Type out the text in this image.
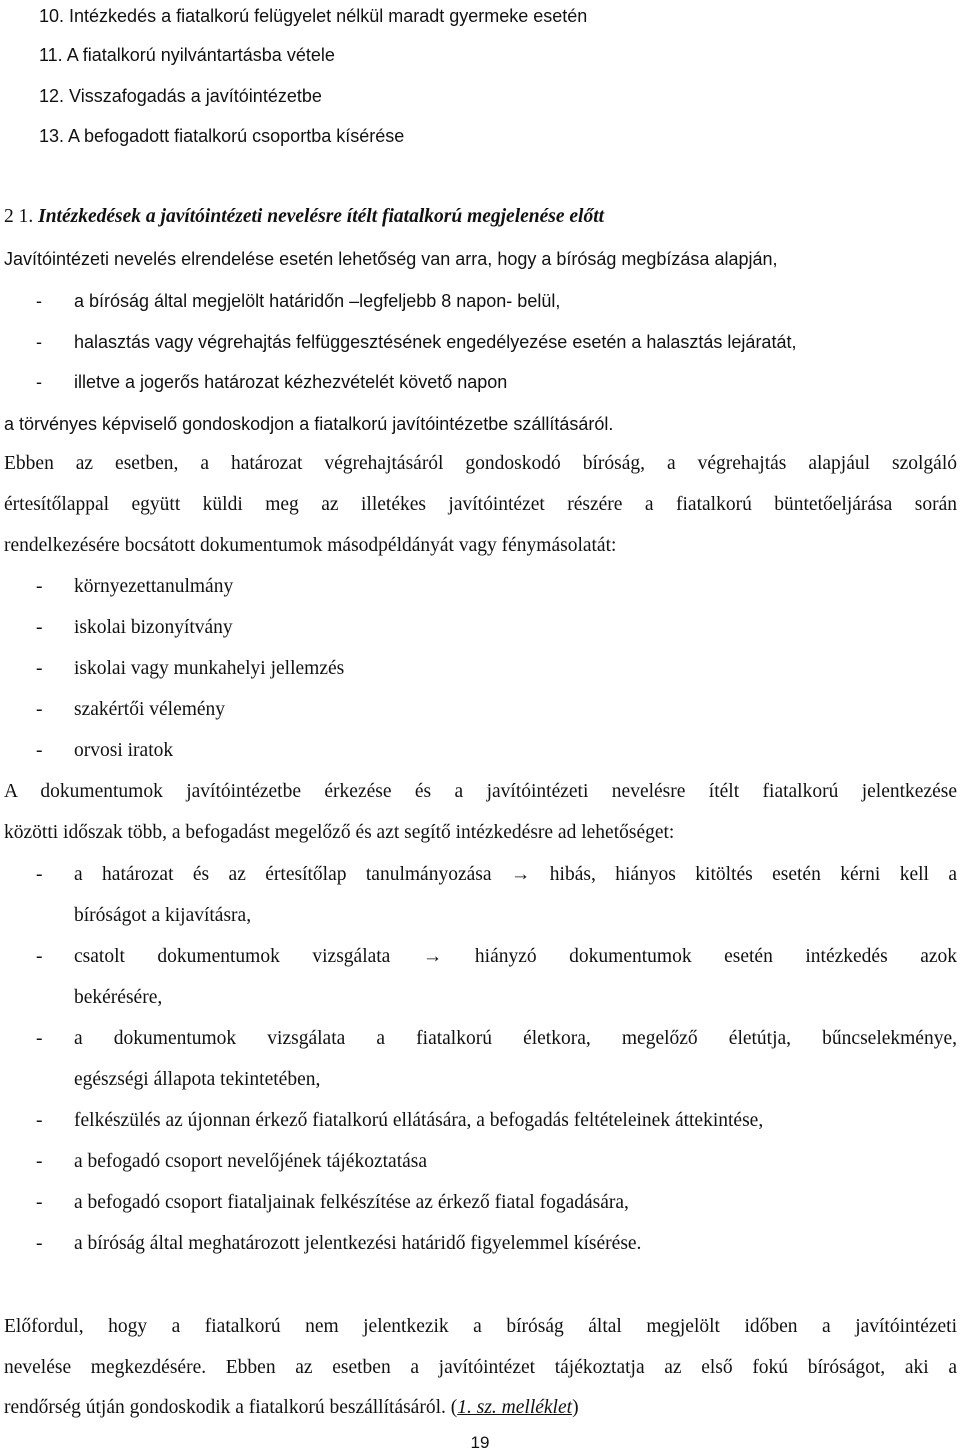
10. Intézkedés a fiatalkorú felügyelet nélkül maradt gyermeke esetén
11. A fiatalkorú nyilvántartásba vétele
12. Visszafogadás a javítóintézetbe
13. A befogadott fiatalkorú csoportba kísérése
2 1. Intézkedések a javítóintézeti nevelésre ítélt fiatalkorú megjelenése előtt
Javítóintézeti nevelés elrendelése esetén lehetőség van arra, hogy a bíróság megbízása alapján,
- a bíróság által megjelölt határidőn –legfeljebb 8 napon- belül,
- halasztás vagy végrehajtás felfüggesztésének engedélyezése esetén a halasztás lejáratát,
- illetve a jogerős határozat kézhezvételét követő napon
a törvényes képviselő gondoskodjon a fiatalkorú javítóintézetbe szállításáról.
Ebben az esetben, a határozat végrehajtásáról gondoskodó bíróság, a végrehajtás alapjául szolgáló
értesítőlappal együtt küldi meg az illetékes javítóintézet részére a fiatalkorú büntetőeljárása során
rendelkezésére bocsátott dokumentumok másodpéldányát vagy fénymásolatát:
- környezettanulmány
- iskolai bizonyítvány
- iskolai vagy munkahelyi jellemzés
- szakértői vélemény
- orvosi iratok
A dokumentumok javítóintézetbe érkezése és a javítóintézeti nevelésre ítélt fiatalkorú jelentkezése
közötti időszak több, a befogadást megelőző és azt segítő intézkedésre ad lehetőséget:
- a határozat és az értesítőlap tanulmányozása → hibás, hiányos kitöltés esetén kérni kell a
bíróságot a kijavításra,
- csatolt dokumentumok vizsgálata → hiányzó dokumentumok esetén intézkedés azok
bekérésére,
- a dokumentumok vizsgálata a fiatalkorú életkora, megelőző életútja, bűncselekménye,
egészségi állapota tekintetében,
- felkészülés az újonnan érkező fiatalkorú ellátására, a befogadás feltételeinek áttekintése,
- a befogadó csoport nevelőjének tájékoztatása
- a befogadó csoport fiataljainak felkészítése az érkező fiatal fogadására,
- a bíróság által meghatározott jelentkezési határidő figyelemmel kísérése.
Előfordul, hogy a fiatalkorú nem jelentkezik a bíróság által megjelölt időben a javítóintézeti
nevelése megkezdésére. Ebben az esetben a javítóintézet tájékoztatja az első fokú bíróságot, aki a
rendőrség útján gondoskodik a fiatalkorú beszállításáról. (1. sz. melléklet)
19
